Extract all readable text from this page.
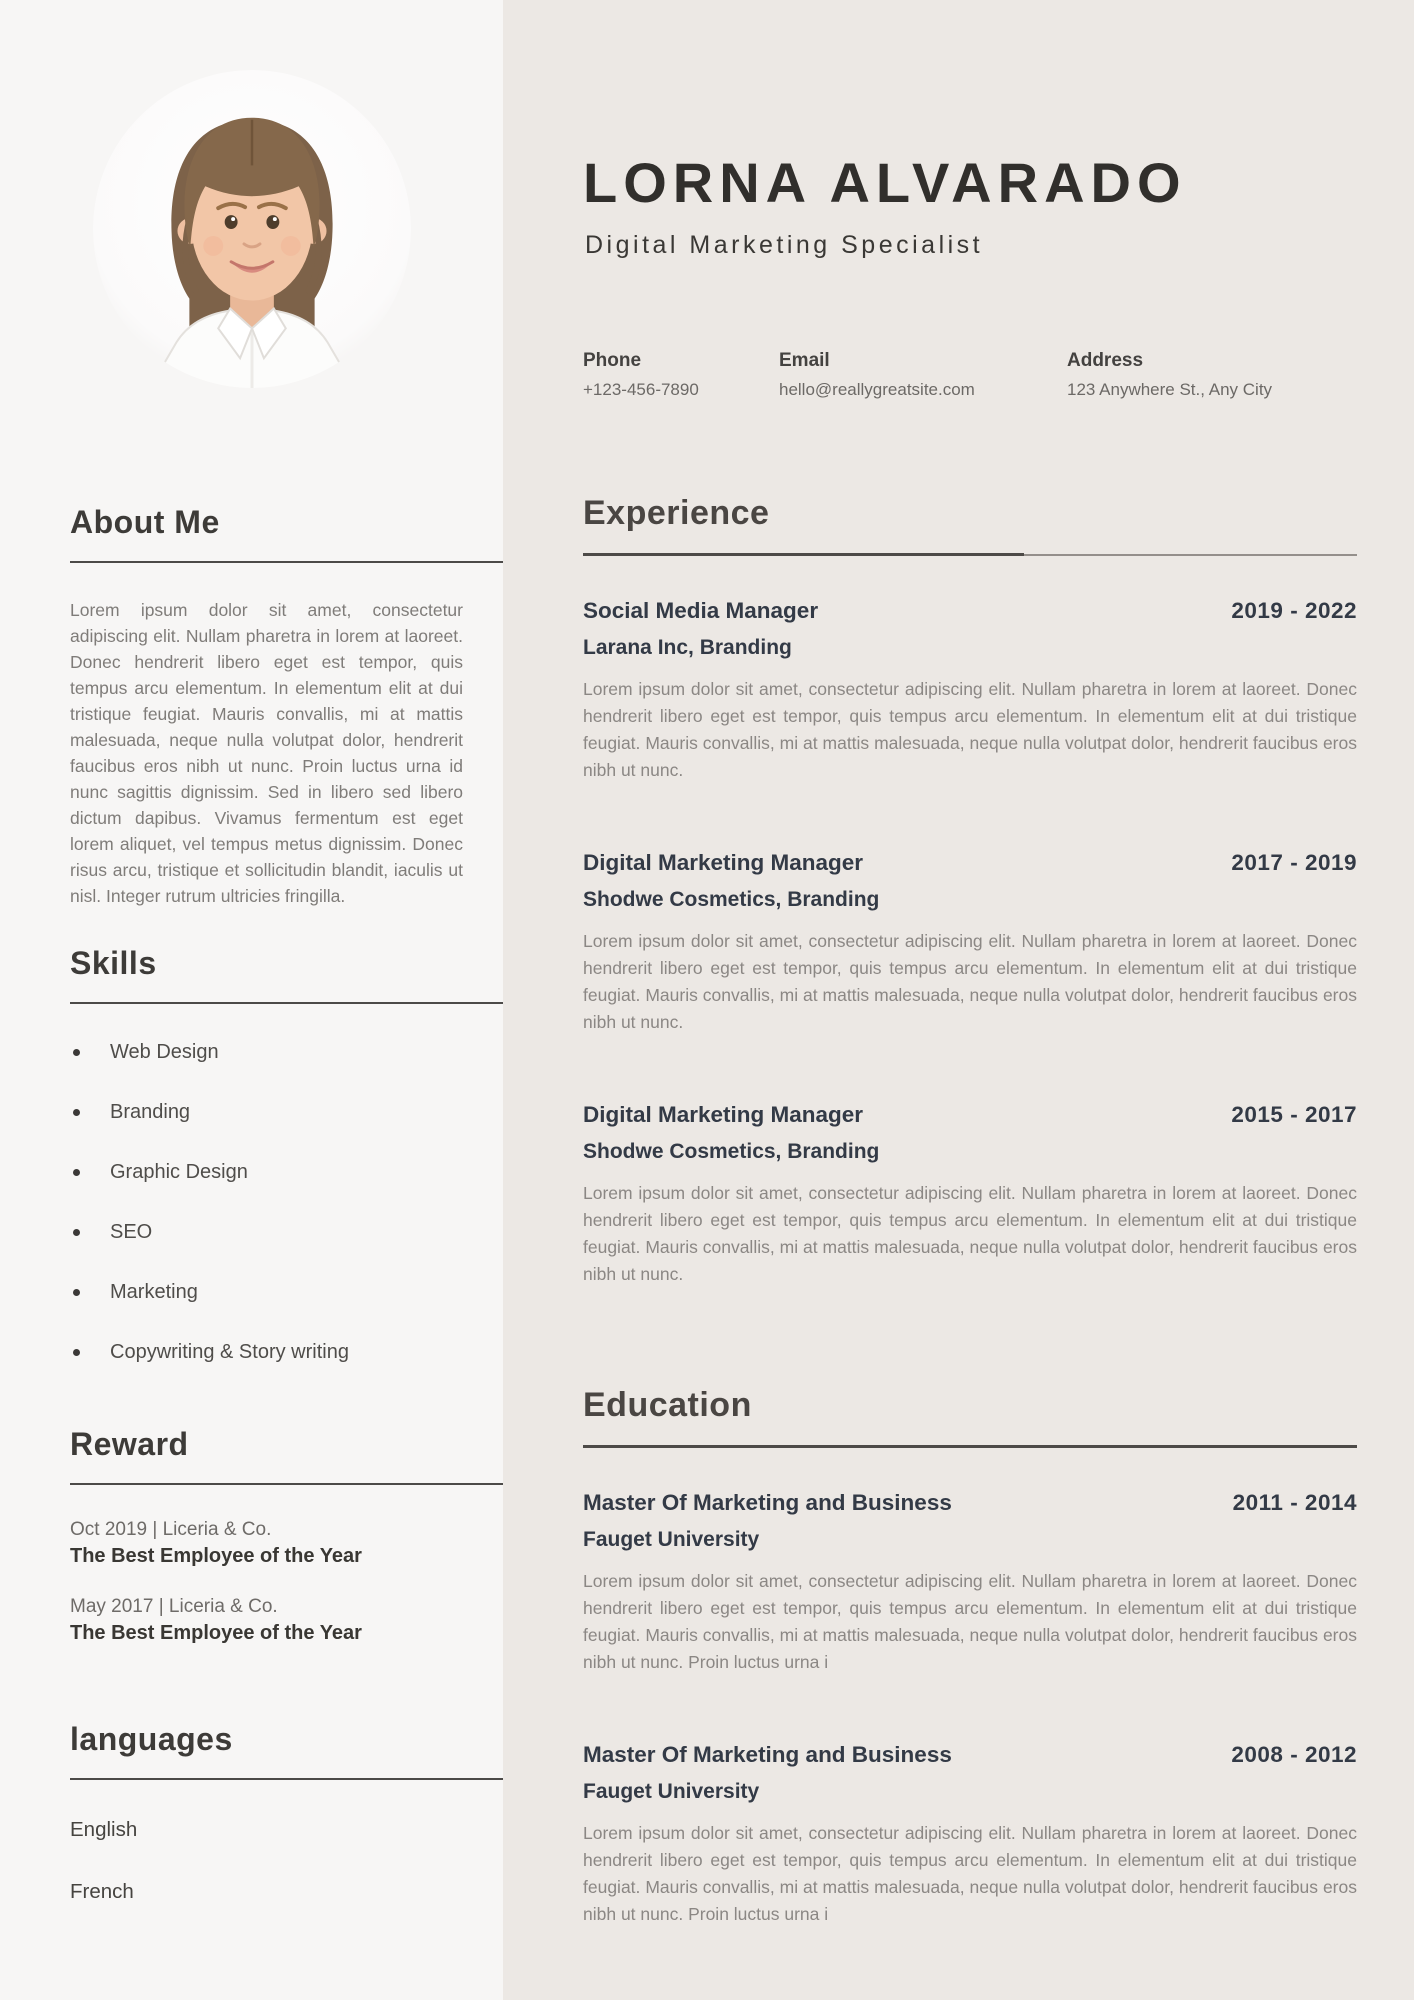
About Me

Lorem ipsum dolor sit amet, consectetur adipiscing elit. Nullam pharetra in lorem at laoreet. Donec hendrerit libero eget est tempor, quis tempus arcu elementum. In elementum elit at dui tristique feugiat. Mauris convallis, mi at mattis malesuada, neque nulla volutpat dolor, hendrerit faucibus eros nibh ut nunc. Proin luctus urna id nunc sagittis dignissim. Sed in libero sed libero dictum dapibus. Vivamus fermentum est eget lorem aliquet, vel tempus metus dignissim. Donec risus arcu, tristique et sollicitudin blandit, iaculis ut nisl. Integer rutrum ultricies fringilla.

Skills
Web Design
Branding
Graphic Design
SEO
Marketing
Copywriting & Story writing
Reward

Oct 2019 | Liceria & Co.

The Best Employee of the Year

May 2017 | Liceria & Co.

The Best Employee of the Year

languages
English
French
LORNA ALVARADO

Digital Marketing Specialist

Phone

+123-456-7890

Email

hello@reallygreatsite.com

Address

123 Anywhere St., Any City

Experience
Social Media Manager	2019 - 2022

Larana Inc, Branding

Lorem ipsum dolor sit amet, consectetur adipiscing elit. Nullam pharetra in lorem at laoreet. Donec hendrerit libero eget est tempor, quis tempus arcu elementum. In elementum elit at dui tristique feugiat. Mauris convallis, mi at mattis malesuada, neque nulla volutpat dolor, hendrerit faucibus eros nibh ut nunc.

Digital Marketing Manager	2017 - 2019

Shodwe Cosmetics, Branding

Lorem ipsum dolor sit amet, consectetur adipiscing elit. Nullam pharetra in lorem at laoreet. Donec hendrerit libero eget est tempor, quis tempus arcu elementum. In elementum elit at dui tristique feugiat. Mauris convallis, mi at mattis malesuada, neque nulla volutpat dolor, hendrerit faucibus eros nibh ut nunc.

Digital Marketing Manager	2015 - 2017

Shodwe Cosmetics, Branding

Lorem ipsum dolor sit amet, consectetur adipiscing elit. Nullam pharetra in lorem at laoreet. Donec hendrerit libero eget est tempor, quis tempus arcu elementum. In elementum elit at dui tristique feugiat. Mauris convallis, mi at mattis malesuada, neque nulla volutpat dolor, hendrerit faucibus eros nibh ut nunc.

Education
Master Of Marketing and Business	2011 - 2014

Fauget University

Lorem ipsum dolor sit amet, consectetur adipiscing elit. Nullam pharetra in lorem at laoreet. Donec hendrerit libero eget est tempor, quis tempus arcu elementum. In elementum elit at dui tristique feugiat. Mauris convallis, mi at mattis malesuada, neque nulla volutpat dolor, hendrerit faucibus eros nibh ut nunc. Proin luctus urna i

Master Of Marketing and Business	2008 - 2012

Fauget University

Lorem ipsum dolor sit amet, consectetur adipiscing elit. Nullam pharetra in lorem at laoreet. Donec hendrerit libero eget est tempor, quis tempus arcu elementum. In elementum elit at dui tristique feugiat. Mauris convallis, mi at mattis malesuada, neque nulla volutpat dolor, hendrerit faucibus eros nibh ut nunc. Proin luctus urna i
